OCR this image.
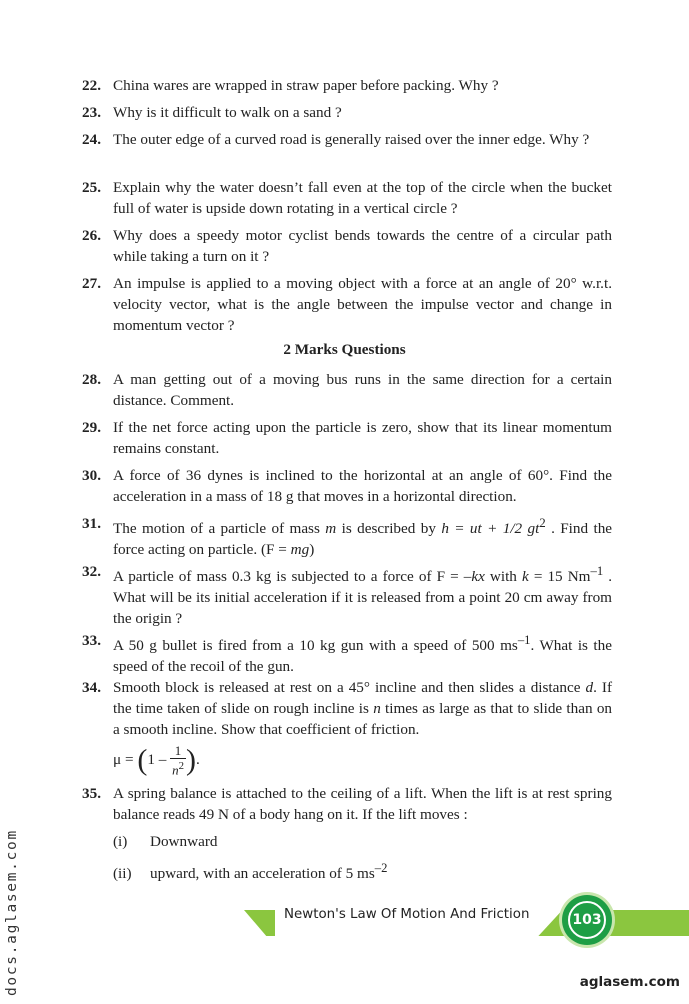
22. China wares are wrapped in straw paper before packing. Why ?
23. Why is it difficult to walk on a sand ?
24. The outer edge of a curved road is generally raised over the inner edge. Why ?
25. Explain why the water doesn’t fall even at the top of the circle when the bucket full of water is upside down rotating in a vertical circle ?
26. Why does a speedy motor cyclist bends towards the centre of a circular path while taking a turn on it ?
27. An impulse is applied to a moving object with a force at an angle of 20° w.r.t. velocity vector, what is the angle between the impulse vector and change in momentum vector ?
2 Marks Questions
28. A man getting out of a moving bus runs in the same direction for a certain distance. Comment.
29. If the net force acting upon the particle is zero, show that its linear momentum remains constant.
30. A force of 36 dynes is inclined to the horizontal at an angle of 60°. Find the acceleration in a mass of 18 g that moves in a horizontal direction.
31. The motion of a particle of mass m is described by h = ut + 1/2 $gt^2$ . Find the force acting on particle. (F = mg)
32. A particle of mass 0.3 kg is subjected to a force of F = –kx with k = 15 $Nm^{-1}$ . What will be its initial acceleration if it is released from a point 20 cm away from the origin ?
33. A 50 g bullet is fired from a 10 kg gun with a speed of 500 $ms^{-1}$. What is the speed of the recoil of the gun.
34. Smooth block is released at rest on a 45° incline and then slides a distance d. If the time taken of slide on rough incline is n times as large as that to slide than on a smooth incline. Show that coefficient of friction.
$\mu = (1 - \frac{1}{n^2}$ ).
35. A spring balance is attached to the ceiling of a lift. When the lift is at rest spring balance reads 49 N of a body hang on it. If the lift moves :
(i) Downward
(ii) upward, with an acceleration of 5 $ms^{-2}$
Newton's Law Of Motion And Friction	103
docs.aglasem.com	aglasem.com
